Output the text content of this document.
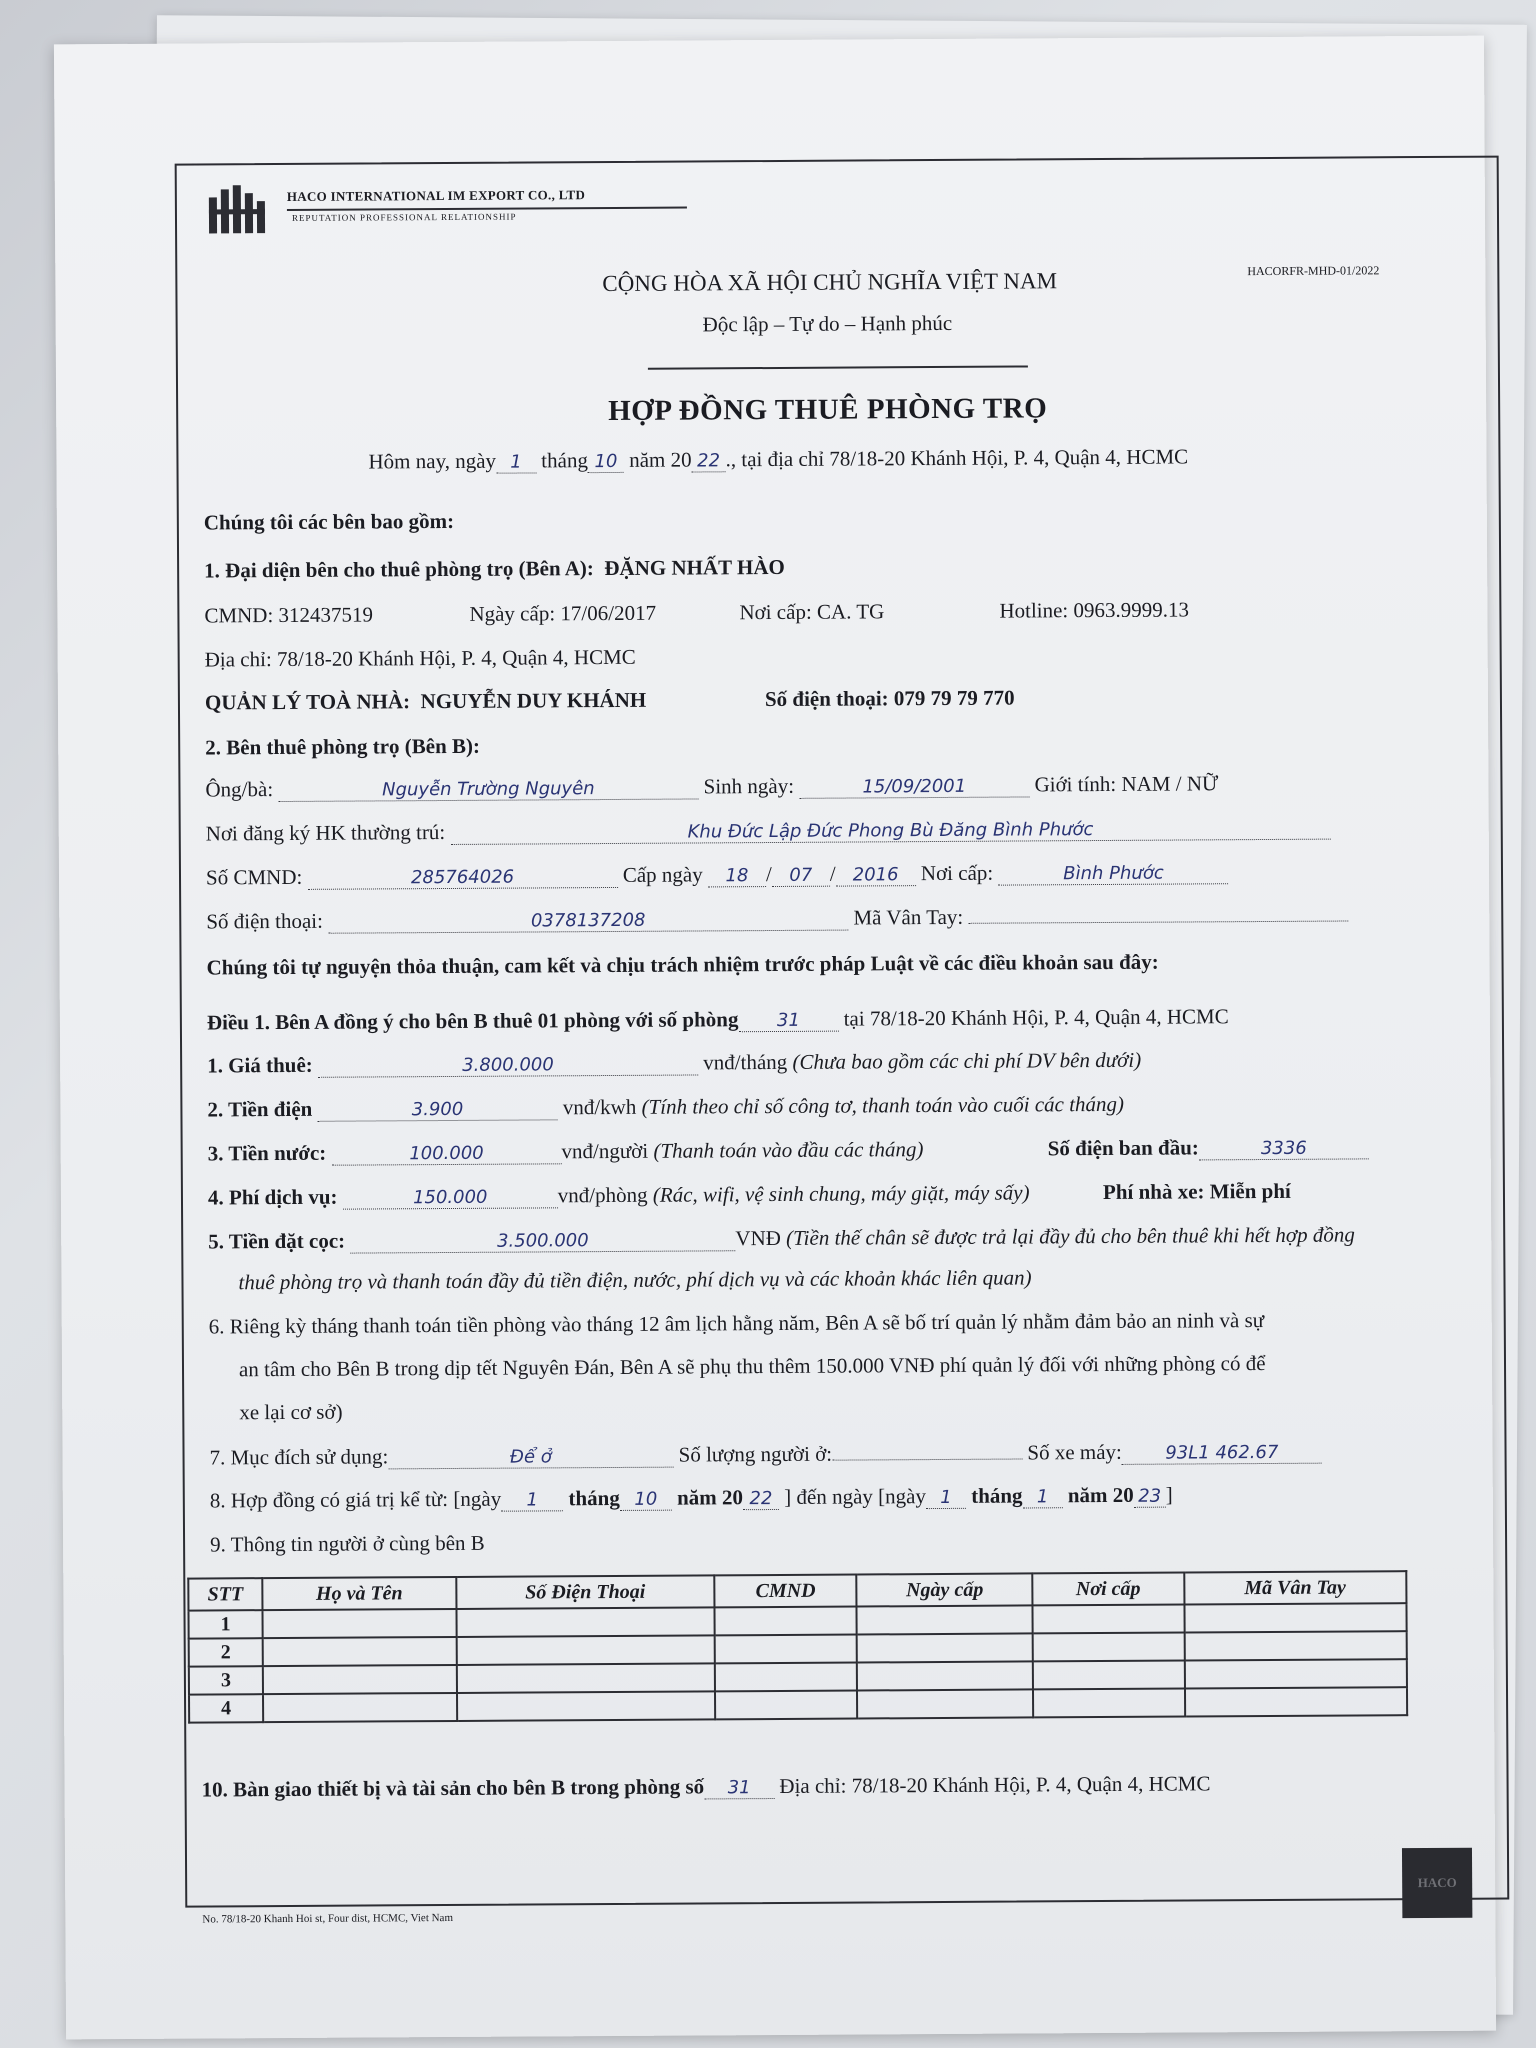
HACO INTERNATIONAL IM EXPORT CO., LTD
REPUTATION PROFESSIONAL RELATIONSHIP
HACORFR-MHD-01/2022
CỘNG HÒA XÃ HỘI CHỦ NGHĨA VIỆT NAM
Độc lập – Tự do – Hạnh phúc
HỢP ĐỒNG THUÊ PHÒNG TRỌ
Hôm nay, ngày 1 tháng 10 năm 20 22 ., tại địa chỉ 78/18-20 Khánh Hội, P. 4, Quận 4, HCMC
Chúng tôi các bên bao gồm:
1. Đại diện bên cho thuê phòng trọ (Bên A): ĐẶNG NHẤT HÀO
CMND: 312437519	Ngày cấp: 17/06/2017	Nơi cấp: CA. TG	Hotline: 0963.9999.13
Địa chỉ: 78/18-20 Khánh Hội, P. 4, Quận 4, HCMC
QUẢN LÝ TOÀ NHÀ: NGUYỄN DUY KHÁNH	Số điện thoại: 079 79 79 770
2. Bên thuê phòng trọ (Bên B):
Ông/bà:	Nguyễn Trường Nguyên	Sinh ngày:	15/09/2001	Giới tính: NAM / NỮ
Nơi đăng ký HK thường trú:	Khu Đức Lập Đức Phong Bù Đăng Bình Phước
Số CMND:	285764026	Cấp ngày 18 / 07 / 2016 Nơi cấp:	Bình Phước
Số điện thoại:	0378137208	Mã Vân Tay:
Chúng tôi tự nguyện thỏa thuận, cam kết và chịu trách nhiệm trước pháp Luật về các điều khoản sau đây:
Điều 1. Bên A đồng ý cho bên B thuê 01 phòng với số phòng 31 tại 78/18-20 Khánh Hội, P. 4, Quận 4, HCMC
1. Giá thuê:	3.800.000	vnđ/tháng (Chưa bao gồm các chi phí DV bên dưới)
2. Tiền điện	3.900	vnđ/kwh (Tính theo chỉ số công tơ, thanh toán vào cuối các tháng)
3. Tiền nước:	100.000	vnđ/người (Thanh toán vào đầu các tháng)	Số điện ban đầu:	3336
4. Phí dịch vụ:	150.000	vnđ/phòng (Rác, wifi, vệ sinh chung, máy giặt, máy sấy)	Phí nhà xe: Miễn phí
5. Tiền đặt cọc:	3.500.000	VNĐ (Tiền thế chân sẽ được trả lại đầy đủ cho bên thuê khi hết hợp đồng
thuê phòng trọ và thanh toán đầy đủ tiền điện, nước, phí dịch vụ và các khoản khác liên quan)
6. Riêng kỳ tháng thanh toán tiền phòng vào tháng 12 âm lịch hằng năm, Bên A sẽ bố trí quản lý nhằm đảm bảo an ninh và sự
an tâm cho Bên B trong dịp tết Nguyên Đán, Bên A sẽ phụ thu thêm 150.000 VNĐ phí quản lý đối với những phòng có để
xe lại cơ sở)
7. Mục đích sử dụng:	Để ở	Số lượng người ở:	Số xe máy: 93L1 462.67
8. Hợp đồng có giá trị kể từ: [ngày 1 tháng 10 năm 20 22 ] đến ngày [ngày 1 tháng 1 năm 20 23 ]
9. Thông tin người ở cùng bên B
STT	Họ và Tên	Số Điện Thoại	CMND	Ngày cấp	Nơi cấp	Mã Vân Tay
1						
2						
3						
4						
10. Bàn giao thiết bị và tài sản cho bên B trong phòng số 31 Địa chỉ: 78/18-20 Khánh Hội, P. 4, Quận 4, HCMC
HACO
No. 78/18-20 Khanh Hoi st, Four dist, HCMC, Viet Nam
